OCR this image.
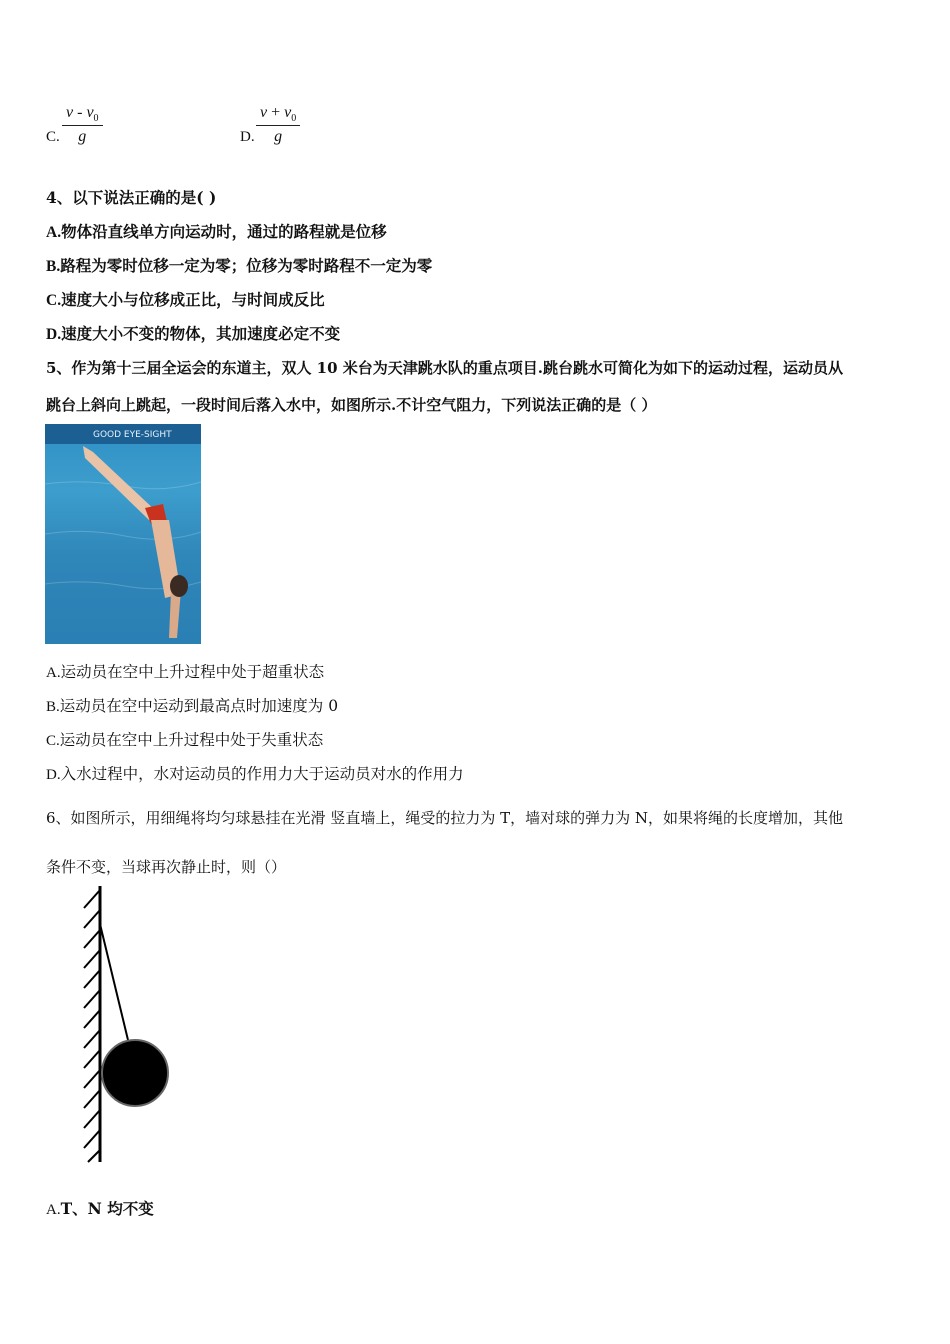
C. $\frac{v - v_0}{g}$	D. $\frac{v + v_0}{g}$
4、以下说法正确的是( )
A.物体沿直线单方向运动时，通过的路程就是位移
B.路程为零时位移一定为零；位移为零时路程不一定为零
C.速度大小与位移成正比，与时间成反比
D.速度大小不变的物体，其加速度必定不变
5、作为第十三届全运会的东道主，双人 10 米台为天津跳水队的重点项目.跳台跳水可简化为如下的运动过程，运动员从
跳台上斜向上跳起，一段时间后落入水中，如图所示.不计空气阻力，下列说法正确的是（ ）
GOOD EYE-SIGHT
A.运动员在空中上升过程中处于超重状态
B.运动员在空中运动到最高点时加速度为 0
C.运动员在空中上升过程中处于失重状态
D.入水过程中，水对运动员的作用力大于运动员对水的作用力
6、如图所示，用细绳将均匀球悬挂在光滑 竖直墙上，绳受的拉力为 T，墙对球的弹力为 N，如果将绳的长度增加，其他
条件不变，当球再次静止时，则（）
A.T、N 均不变
